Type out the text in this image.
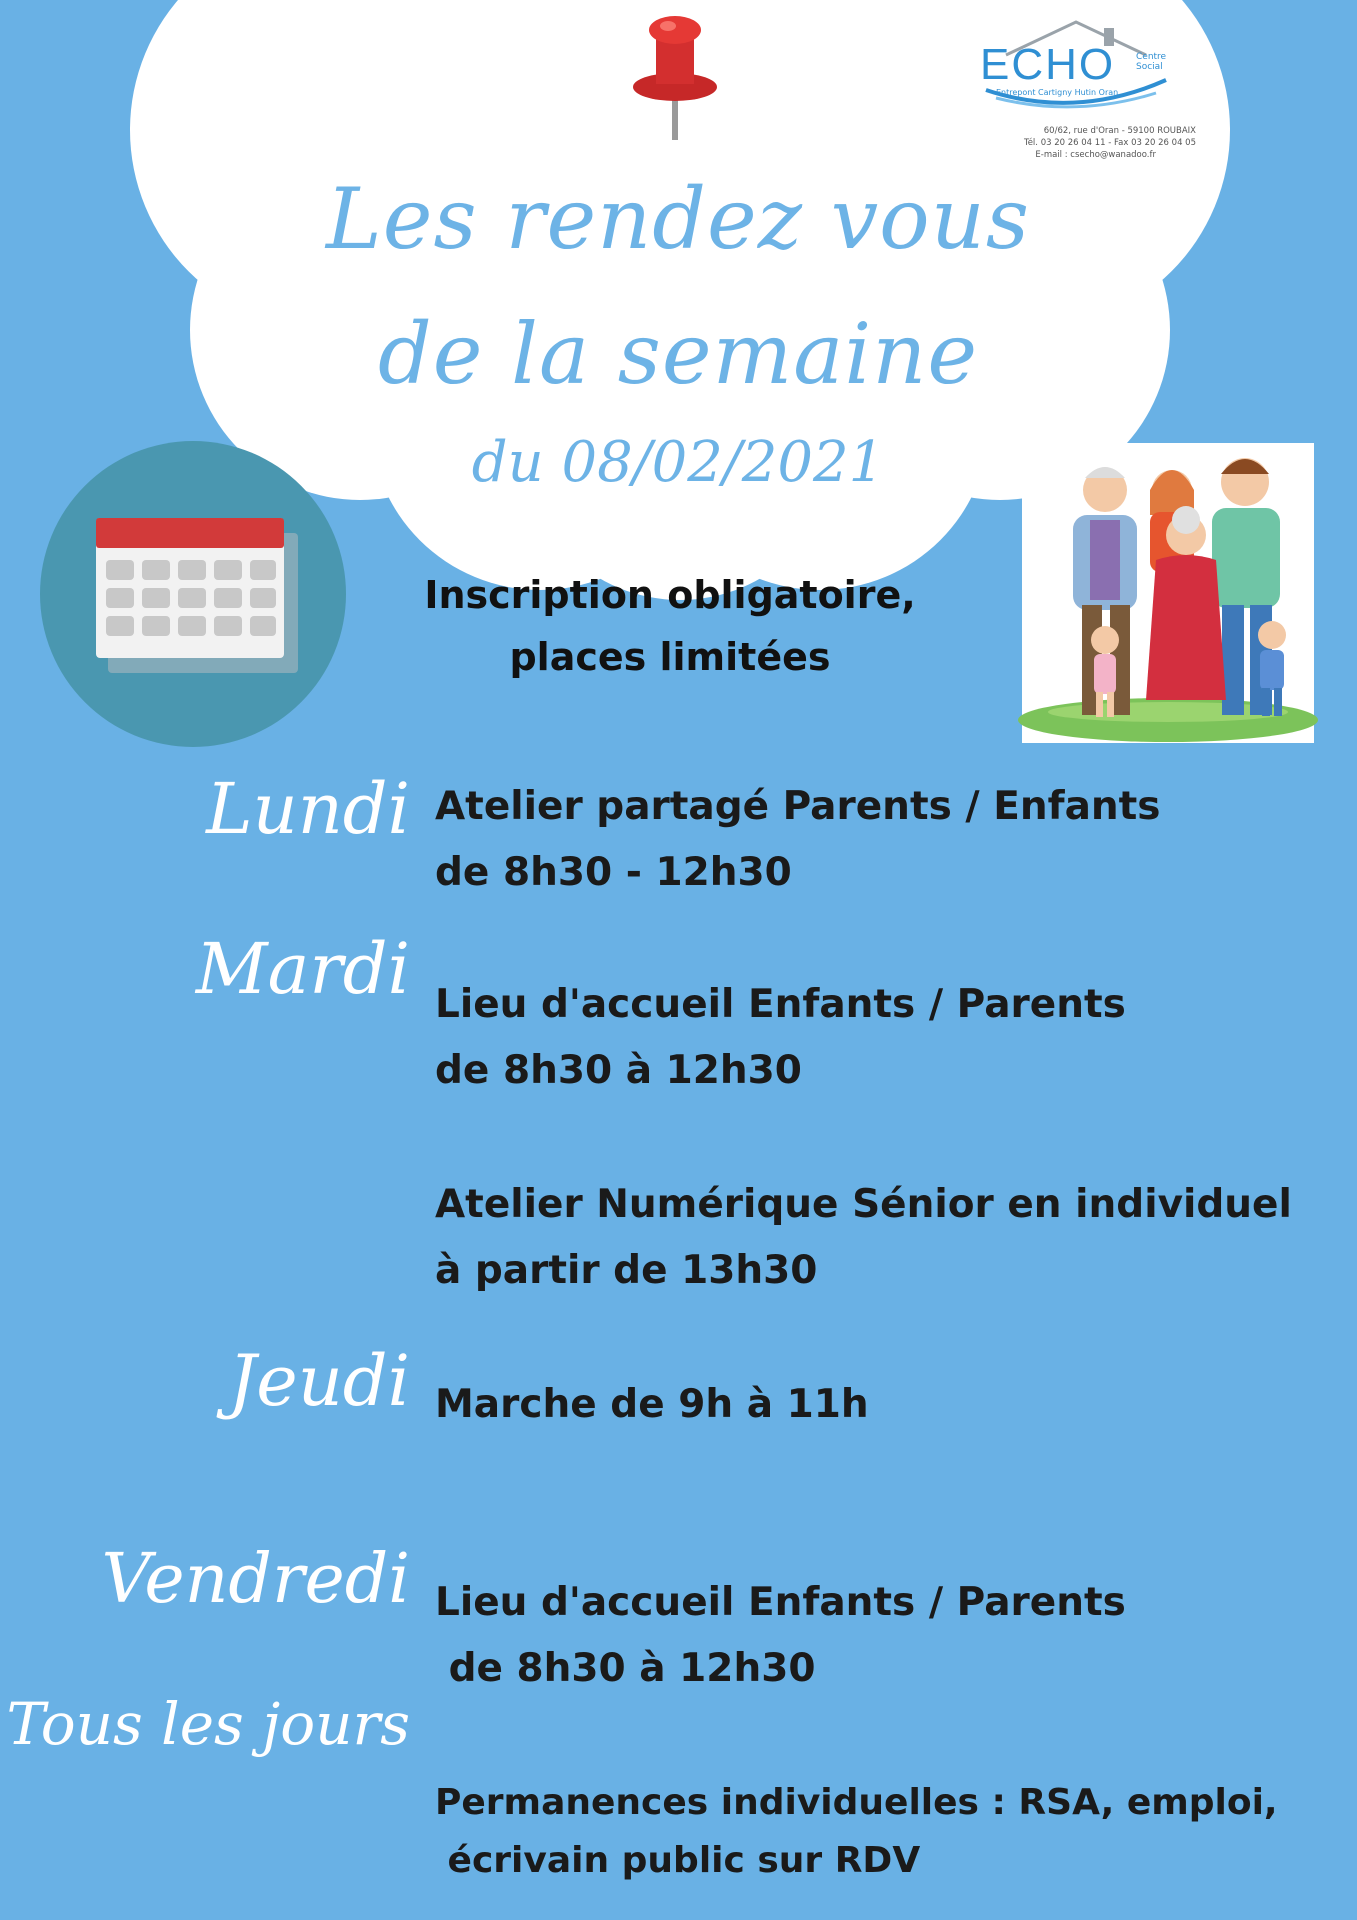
ECHO Centre Social
Entrepont Cartigny Hutin Oran
60/62, rue d'Oran - 59100 ROUBAIX
Tél. 03 20 26 04 11 - Fax 03 20 26 04 05
E-mail : csecho@wanadoo.fr
Les rendez vous
de la semaine
du 08/02/2021
Inscription obligatoire,
places limitées
Lundi
Mardi
Jeudi
Vendredi
Tous les jours
Atelier partagé Parents / Enfants
de 8h30 - 12h30
Lieu d'accueil Enfants / Parents
de 8h30 à 12h30
Atelier Numérique Sénior en individuel
à partir de 13h30
Marche de 9h à 11h
Lieu d'accueil Enfants / Parents
de 8h30 à 12h30
Permanences individuelles : RSA, emploi,
écrivain public sur RDV
